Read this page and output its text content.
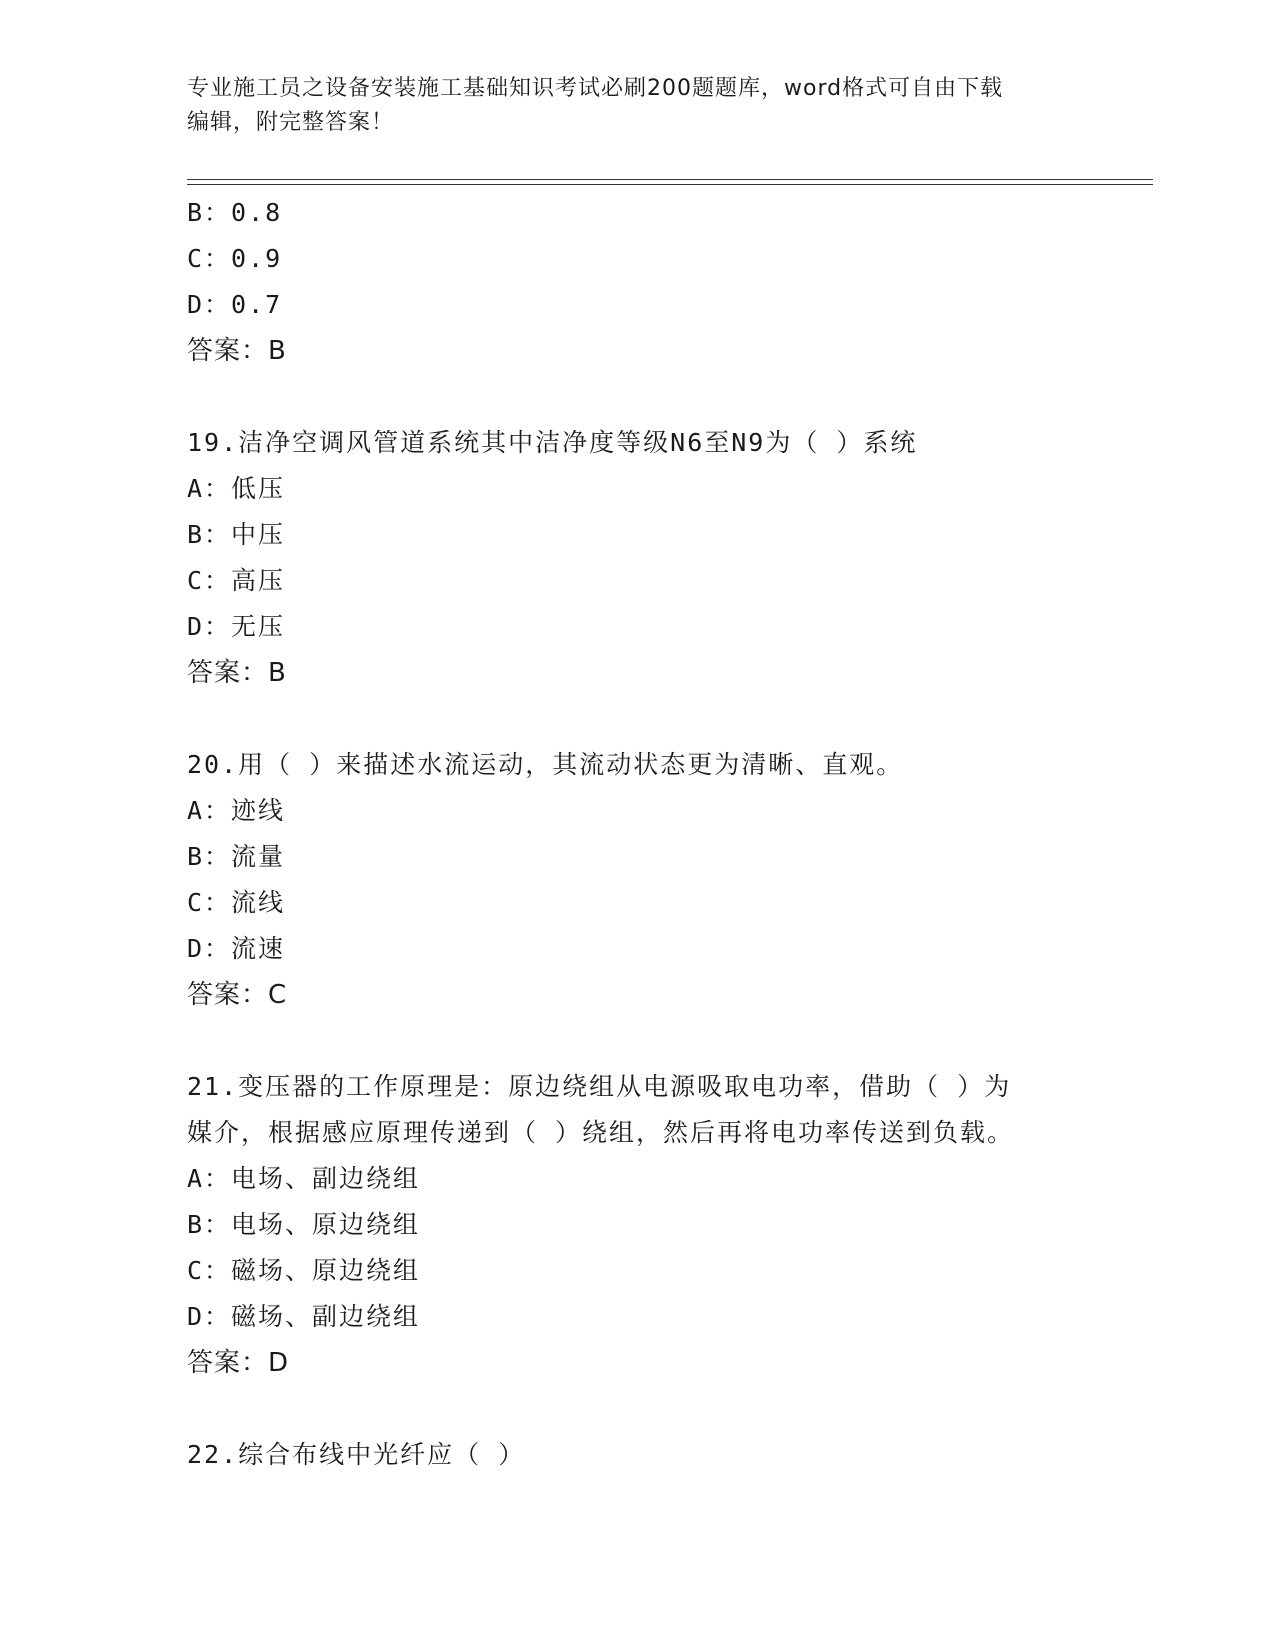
专业施工员之设备安装施工基础知识考试必刷200题题库，word格式可自由下载
编辑，附完整答案！
B：0.8
C：0.9
D：0.7
答案：B
19.洁净空调风管道系统其中洁净度等级N6至N9为（ ）系统
A：低压
B：中压
C：高压
D：无压
答案：B
20.用（ ）来描述水流运动，其流动状态更为清晰、直观。
A：迹线
B：流量
C：流线
D：流速
答案：C
21.变压器的工作原理是：原边绕组从电源吸取电功率，借助（ ）为
媒介，根据感应原理传递到（ ）绕组，然后再将电功率传送到负载。
A：电场、副边绕组
B：电场、原边绕组
C：磁场、原边绕组
D：磁场、副边绕组
答案：D
22.综合布线中光纤应（ ）
